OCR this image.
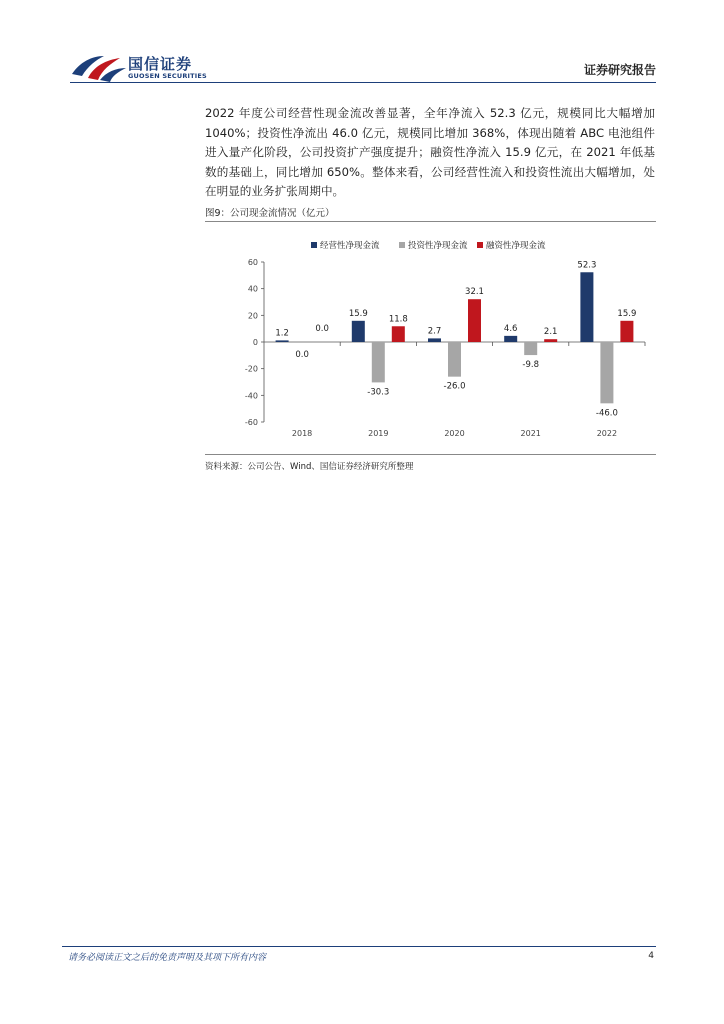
国信证券
GUOSEN SECURITIES	证券研究报告
2022 年度公司经营性现金流改善显著，全年净流入 52.3 亿元，规模同比大幅增加 1040%；投资性净流出 46.0 亿元，规模同比增加 368%，体现出随着 ABC 电池组件进入量产化阶段，公司投资扩产强度提升；融资性净流入 15.9 亿元，在 2021 年低基数的基础上，同比增加 650%。整体来看，公司经营性流入和投资性流出大幅增加，处在明显的业务扩张周期中。
图9：公司现金流情况（亿元）
60
40
20
0
-20
-40
-60
2018
1.2
0.0
0.0
2019
15.9
-30.3
11.8
2020
2.7
-26.0
32.1
2021
4.6
-9.8
2.1
2022
52.3
-46.0
15.9
经营性净现金流	投资性净现金流 融资性净现金流
资料来源：公司公告、Wind、国信证券经济研究所整理
请务必阅读正文之后的免责声明及其项下所有内容	4
